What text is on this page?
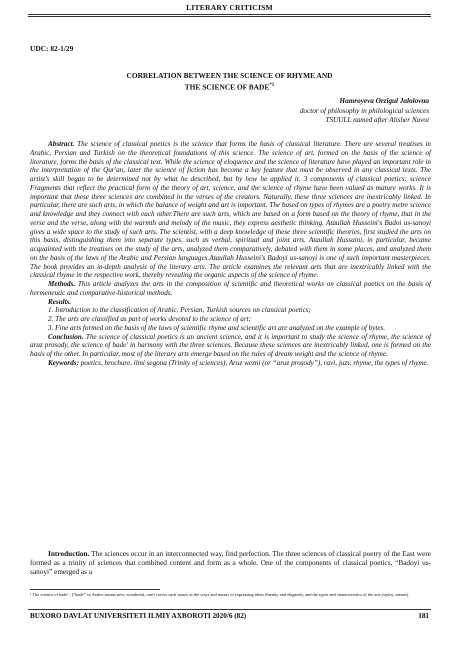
LITERARY CRITICISM
UDC: 82-1/29
CORRELATION BETWEEN THE SCIENCE OF RHYME AND
THE SCIENCE OF BADE$^{*1}$
Hamroyeva Orzigul Jalolovna
doctor of philosophy in philological sciences
TSUULL named after Alisher Navoi

Abstract. The science of classical poetics is the science that forms the basis of classical literature. There are several treatises in Arabic, Persian and Turkish on the theoretical foundations of this science. The science of art, formed on the basis of the science of literature, forms the basis of the classical text. While the science of eloquence and the science of literature have played an important role in the interpretation of the Qur'an, later the science of fiction has become a key feature that must be observed in any classical texts. The artist's skill began to be determined not by what he described, but by how he applied it. 3 components of classical poetics: science Fragments that reflect the practical form of the theory of art, science, and the science of rhyme have been valued as mature works. It is important that these three sciences are combined in the verses of the creators. Naturally, these three sciences are inextricably linked. In particular, there are such arts, in which the balance of weight and art is important. The based on types of rhymes are a poetry metre science and knowledge and they connect with each other.There are such arts, which are based on a form based on the theory of rhyme, that in the verse and the verse, along with the warmth and melody of the music, they express aesthetic thinking. Ataullah Husseini's Badoi us-sanoyi gives a wide space to the study of such arts. The scientist, with a deep knowledge of these three scientific theories, first studied the arts on this basis, distinguishing them into separate types, such as verbal, spiritual and joint arts. Ataullah Hussaini, in particular, became acquainted with the treatises on the study of the arts, analyzed them comparatively, debated with them in some places, and analyzed them on the basis of the laws of the Arabic and Persian languages.Ataullah Husseini's Badoyi us-sanoyi is one of such important masterpieces. The book provides an in-depth analysis of the literary arts. The article examines the relevant arts that are inextricably linked with the classical rhyme in the respective work, thereby revealing the organic aspects of the science of rhyme.

Methods. This article analyzes the arts in the composition of scientific and theoretical works on classical poetics on the basis of hermeneutic and comparative-historical methods.

Results.

1. Introduction to the classification of Arabic, Persian, Turkish sources on classical poetics;

2. The arts are classified as part of works devoted to the science of art;

3. Fine arts formed on the basis of the laws of scientific rhyme and scientific art are analyzed on the example of bytes.

Conclusion. The science of classical poetics is an ancient science, and it is important to study the science of rhyme, the science of aruz prosody, the science of bade' in harmony with the three sciences. Because these sciences are inextricably linked, one is formed on the basis of the other. In particular, most of the literary arts emerge based on the rules of dream weight and the science of rhyme.

Keywords: poetics, brochure, ilmi segona (Trinity of sciences), Aruz wezni (or “aruz prosody”), ravi, juzv, rhyme, the types of rhyme.

Introduction. The sciences occur in an interconnected way, find perfection. The three sciences of classical poetry of the East were formed as a trinity of sciences that combined content and form as a whole. One of the components of classical poetics, “Badoyi us-sanoyi” emerged as a

¹ The science of bade' - (“bade'” in Arabic means new, wonderful, rare) covers such issues as the ways and means of expressing ideas fluently and elegantly, and the types and characteristics of the arts (styles, means).
BUXORO DAVLAT UNIVERSITETI ILMIY AXBOROTI 2020/6 (82)	181
